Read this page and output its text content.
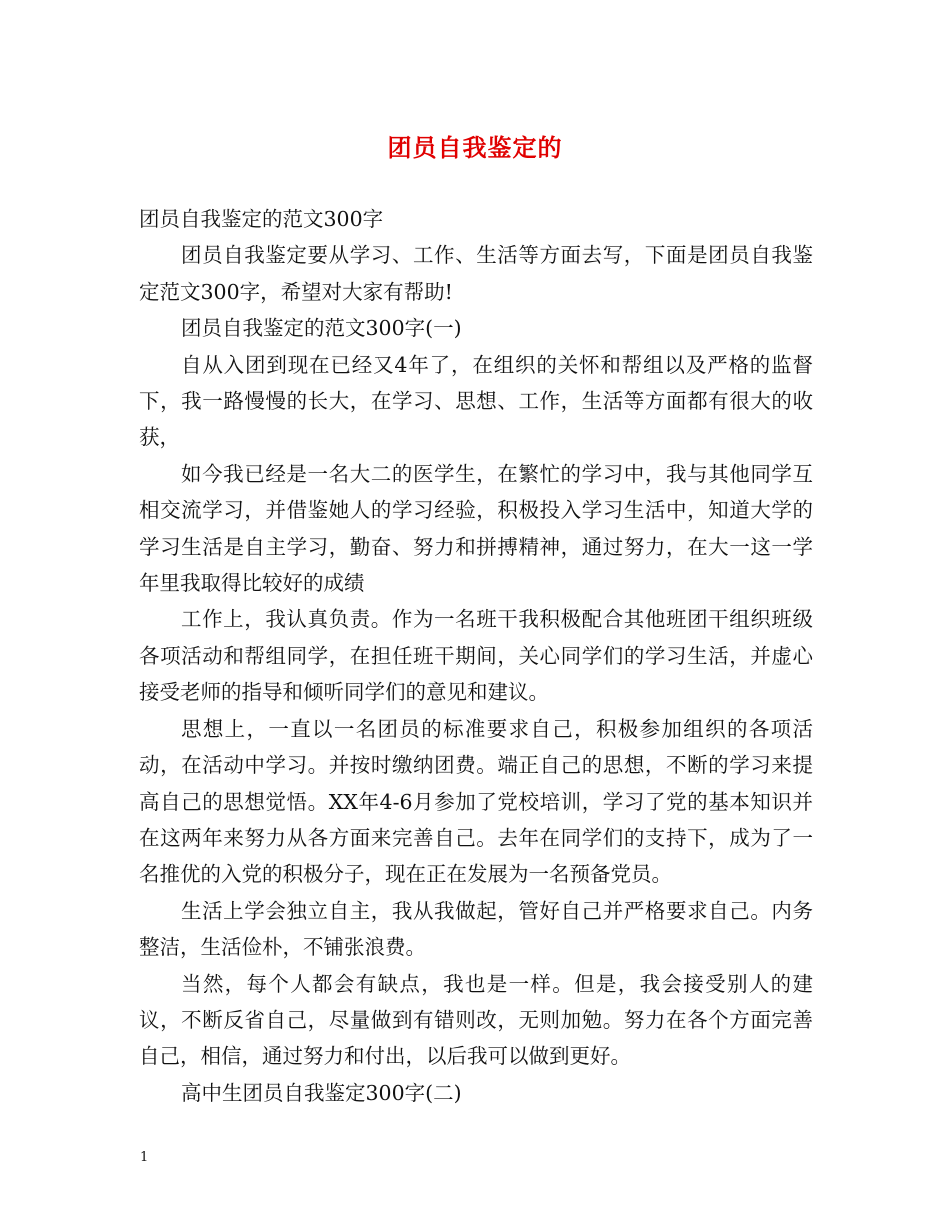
团员自我鉴定的

团员自我鉴定的范文300字

团员自我鉴定要从学习、工作、生活等方面去写，下面是团员自我鉴定范文300字，希望对大家有帮助!

团员自我鉴定的范文300字(一)

自从入团到现在已经又4年了，在组织的关怀和帮组以及严格的监督下，我一路慢慢的长大，在学习、思想、工作，生活等方面都有很大的收获，

如今我已经是一名大二的医学生，在繁忙的学习中，我与其他同学互相交流学习，并借鉴她人的学习经验，积极投入学习生活中，知道大学的学习生活是自主学习，勤奋、努力和拼搏精神，通过努力，在大一这一学年里我取得比较好的成绩

工作上，我认真负责。作为一名班干我积极配合其他班团干组织班级各项活动和帮组同学，在担任班干期间，关心同学们的学习生活，并虚心接受老师的指导和倾听同学们的意见和建议。

思想上，一直以一名团员的标准要求自己，积极参加组织的各项活动，在活动中学习。并按时缴纳团费。端正自己的思想，不断的学习来提高自己的思想觉悟。XX年4-6月参加了党校培训，学习了党的基本知识并在这两年来努力从各方面来完善自己。去年在同学们的支持下，成为了一名推优的入党的积极分子，现在正在发展为一名预备党员。

生活上学会独立自主，我从我做起，管好自己并严格要求自己。内务整洁，生活俭朴，不铺张浪费。

当然，每个人都会有缺点，我也是一样。但是，我会接受别人的建议，不断反省自己，尽量做到有错则改，无则加勉。努力在各个方面完善自己，相信，通过努力和付出，以后我可以做到更好。

高中生团员自我鉴定300字(二)

1
